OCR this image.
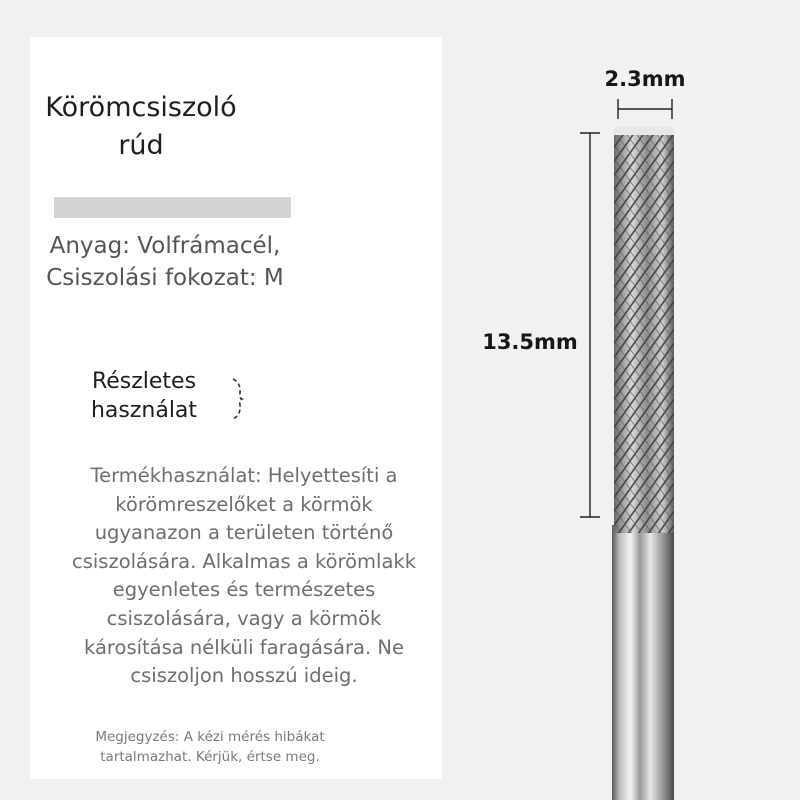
Körömcsiszoló rúd
Anyag: Volfrámacél, Csiszolási fokozat: M
Részletes használat
Termékhasználat: Helyettesíti a körömreszelőket a körmök ugyanazon a területen történő csiszolására. Alkalmas a körömlakk egyenletes és természetes csiszolására, vagy a körmök károsítása nélküli faragására. Ne csiszoljon hosszú ideig.
Megjegyzés: A kézi mérés hibákat tartalmazhat. Kérjük, értse meg.
2.3mm
13.5mm
